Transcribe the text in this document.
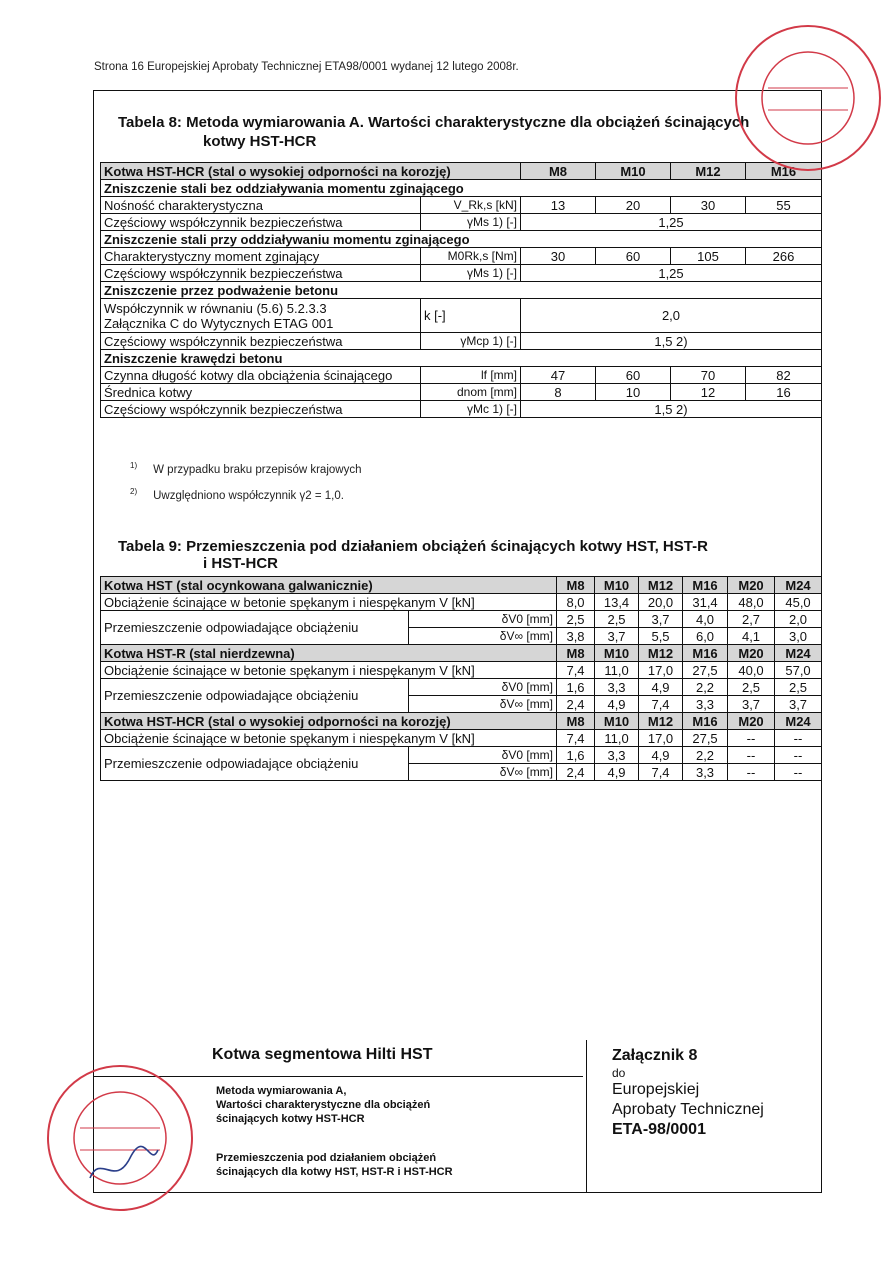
Strona 16 Europejskiej Aprobaty Technicznej ETA98/0001 wydanej 12 lutego 2008r.
Tabela 8: Metoda wymiarowania A. Wartości charakterystyczne dla obciążeń ścinających
kotwy HST-HCR
Kotwa HST-HCR (stal o wysokiej odporności na korozję)		M8	M10	M12	M16
Zniszczenie stali bez oddziaływania momentu zginającego					
Nośność charakterystyczna	V_Rk,s [kN]	13	20	30	55
Częściowy współczynnik bezpieczeństwa	γMs 1) [-]	1,25			
Zniszczenie stali przy oddziaływaniu momentu zginającego					
Charakterystyczny moment zginający	M0Rk,s [Nm]	30	60	105	266
Częściowy współczynnik bezpieczeństwa	γMs 1) [-]	1,25			
Zniszczenie przez podważenie betonu					

Współczynnik w równaniu (5.6) 5.2.3.3
Załącznika C do Wytycznych ETAG 001	k [-]	2,0			
Częściowy współczynnik bezpieczeństwa	γMcp 1) [-]	1,5 2)			
Zniszczenie krawędzi betonu					
Czynna długość kotwy dla obciążenia ścinającego	lf [mm]	47	60	70	82
Średnica kotwy	dnom [mm]	8	10	12	16
Częściowy współczynnik bezpieczeństwa	γMc 1) [-]	1,5 2)			
$^{1)}$ W przypadku braku przepisów krajowych
$^{2)}$ Uwzględniono współczynnik γ2 = 1,0.
Tabela 9: Przemieszczenia pod działaniem obciążeń ścinających kotwy HST, HST-R
i HST-HCR
Kotwa HST (stal ocynkowana galwanicznie)		M8	M10	M12	M16	M20	M24
Obciążenie ścinające w betonie spękanym i niespękanym V [kN]		8,0	13,4	20,0	31,4	48,0	45,0
Przemieszczenie odpowiadające obciążeniu	δV0 [mm]	2,5	2,5	3,7	4,0	2,7	2,0
	δV∞ [mm]	3,8	3,7	5,5	6,0	4,1	3,0
Kotwa HST-R (stal nierdzewna)		M8	M10	M12	M16	M20	M24
Obciążenie ścinające w betonie spękanym i niespękanym V [kN]		7,4	11,0	17,0	27,5	40,0	57,0
Przemieszczenie odpowiadające obciążeniu	δV0 [mm]	1,6	3,3	4,9	2,2	2,5	2,5
	δV∞ [mm]	2,4	4,9	7,4	3,3	3,7	3,7
Kotwa HST-HCR (stal o wysokiej odporności na korozję)		M8	M10	M12	M16	M20	M24
Obciążenie ścinające w betonie spękanym i niespękanym V [kN]		7,4	11,0	17,0	27,5	--	--
Przemieszczenie odpowiadające obciążeniu	δV0 [mm]	1,6	3,3	4,9	2,2	--	--
	δV∞ [mm]	2,4	4,9	7,4	3,3	--	--
Kotwa segmentowa Hilti HST
Metoda wymiarowania A,
Wartości charakterystyczne dla obciążeń
ścinających kotwy HST-HCR
Przemieszczenia pod działaniem obciążeń
ścinających dla kotwy HST, HST-R i HST-HCR
Załącznik 8
do
Europejskiej
Aprobaty Technicznej
ETA-98/0001
